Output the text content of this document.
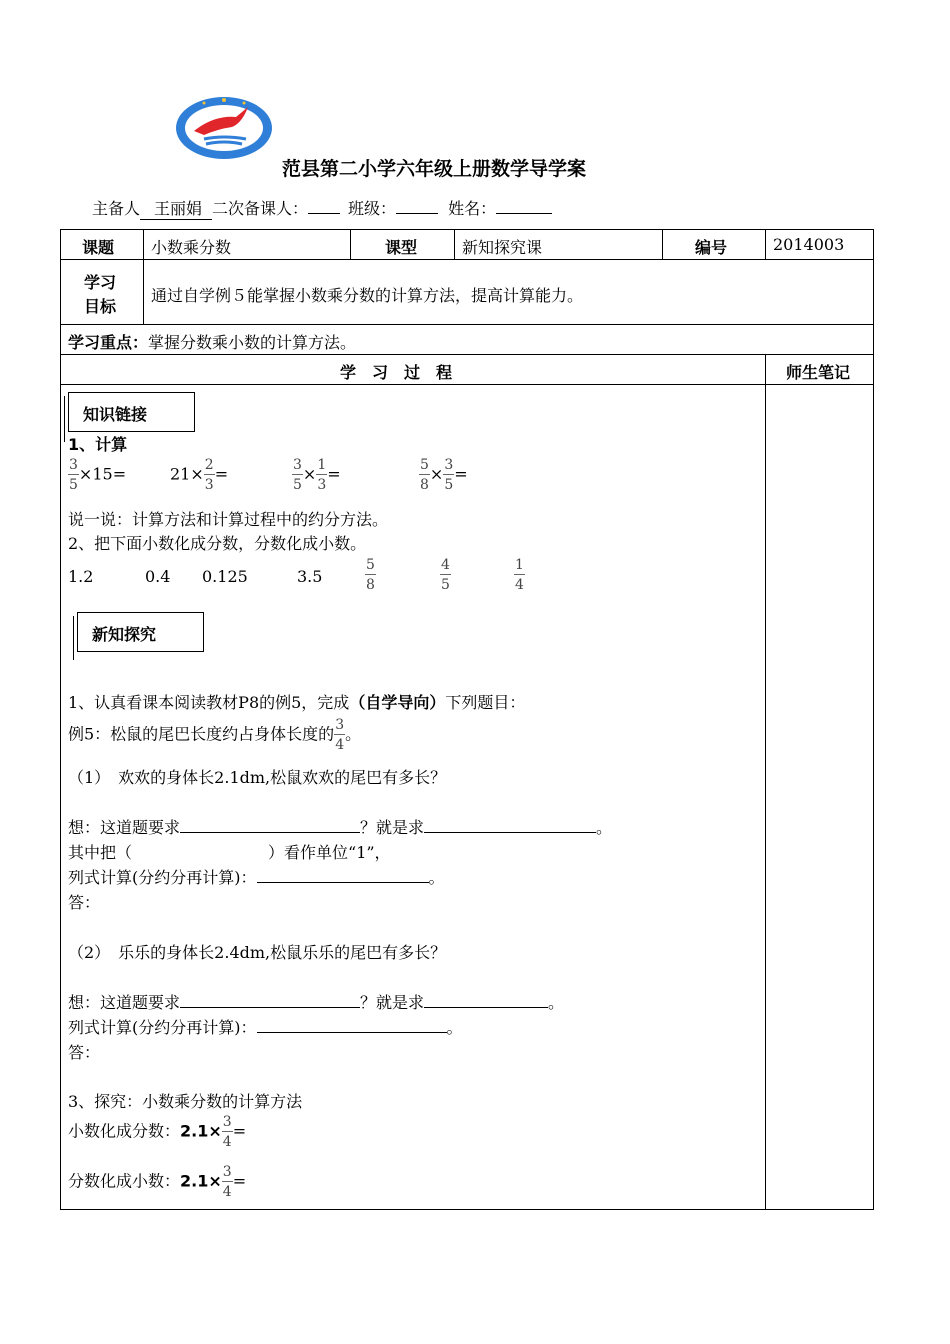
范县第二小学六年级上册数学导学案
主备人 王丽娟 二次备课人：	班级：	姓名：
课题 小数乘分数	课型	新知探究课	编号	2014003
学习
目标
通过自学例５能掌握小数乘分数的计算方法，提高计算能力。
学习重点：掌握分数乘小数的计算方法。
学　习　过　程	师生笔记
知识链接
1、计算
$\frac{3}{5} \times 15=$	$21\times \frac{2}{3}$ =	$\frac{3}{5} \times \frac{1}{3}$ =	$\frac{5}{8} \times \frac{3}{5}$ =
说一说：计算方法和计算过程中的约分方法。
2、把下面小数化成分数，分数化成小数。
1.2	0.4 0.125	3.5	$\frac{5}{8}$	$\frac{4}{5}$	$\frac{1}{4}$
新知探究
1、认真看课本阅读教材P8的例5，完成（自学导向）下列题目：
例5：松鼠的尾巴长度约占身体长度的 $\frac{3}{4}$ 。
（1）　欢欢的身体长2.1dm,松鼠欢欢的尾巴有多长？
想：这道题要求	？就是求	。
其中把（	）看作单位“1”，
列式计算(分约分再计算)：	。
答：
（2）　乐乐的身体长2.4dm,松鼠乐乐的尾巴有多长？
想：这道题要求	？就是求	。
列式计算(分约分再计算)：	。
答：
3、探究：小数乘分数的计算方法
小数化成分数：$2.1\times \frac{3}{4}$ =
分数化成小数：$2.1\times \frac{3}{4}$ =
